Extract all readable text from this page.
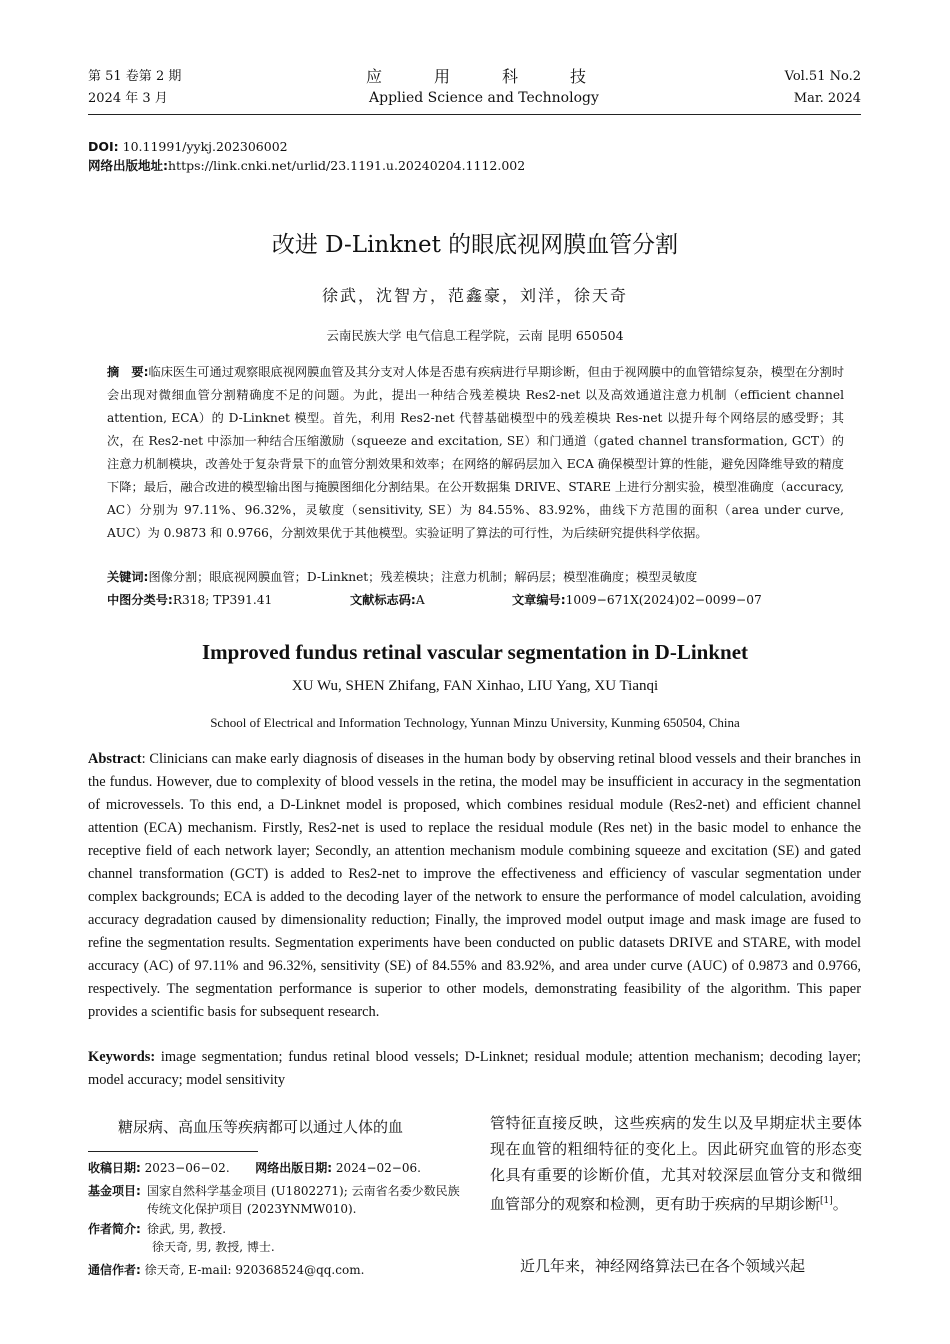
第 51 卷第 2 期
2024 年 3 月
应用科技
Applied Science and Technology
Vol.51 No.2
Mar. 2024
DOI: 10.11991/yykj.202306002
网络出版地址:https://link.cnki.net/urlid/23.1191.u.20240204.1112.002
改进 D-Linknet 的眼底视网膜血管分割
徐武，沈智方，范鑫豪，刘洋，徐天奇
云南民族大学 电气信息工程学院，云南 昆明 650504
摘　要:临床医生可通过观察眼底视网膜血管及其分支对人体是否患有疾病进行早期诊断，但由于视网膜中的血管错综复杂，模型在分割时会出现对微细血管分割精确度不足的问题。为此，提出一种结合残差模块 Res2-net 以及高效通道注意力机制（efficient channel attention, ECA）的 D-Linknet 模型。首先，利用 Res2-net 代替基础模型中的残差模块 Res-net 以提升每个网络层的感受野；其次，在 Res2-net 中添加一种结合压缩激励（squeeze and excitation, SE）和门通道（gated channel transformation, GCT）的注意力机制模块，改善处于复杂背景下的血管分割效果和效率；在网络的解码层加入 ECA 确保模型计算的性能，避免因降维导致的精度下降；最后，融合改进的模型输出图与掩膜图细化分割结果。在公开数据集 DRIVE、STARE 上进行分割实验，模型准确度（accuracy, AC）分别为 97.11%、96.32%，灵敏度（sensitivity, SE）为 84.55%、83.92%，曲线下方范围的面积（area under curve, AUC）为 0.9873 和 0.9766，分割效果优于其他模型。实验证明了算法的可行性，为后续研究提供科学依据。
关键词:图像分割；眼底视网膜血管；D-Linknet；残差模块；注意力机制；解码层；模型准确度；模型灵敏度
中图分类号:R318; TP391.41	文献标志码:A	文章编号:1009−671X(2024)02−0099−07
Improved fundus retinal vascular segmentation in D-Linknet
XU Wu, SHEN Zhifang, FAN Xinhao, LIU Yang, XU Tianqi
School of Electrical and Information Technology, Yunnan Minzu University, Kunming 650504, China
Abstract: Clinicians can make early diagnosis of diseases in the human body by observing retinal blood vessels and their branches in the fundus. However, due to complexity of blood vessels in the retina, the model may be insufficient in accuracy in the segmentation of microvessels. To this end, a D-Linknet model is proposed, which combines residual module (Res2-net) and efficient channel attention (ECA) mechanism. Firstly, Res2-net is used to replace the residual module (Res net) in the basic model to enhance the receptive field of each network layer; Secondly, an attention mechanism module combining squeeze and excitation (SE) and gated channel transformation (GCT) is added to Res2-net to improve the effectiveness and efficiency of vascular segmentation under complex backgrounds; ECA is added to the decoding layer of the network to ensure the performance of model calculation, avoiding accuracy degradation caused by dimensionality reduction; Finally, the improved model output image and mask image are fused to refine the segmentation results. Segmentation experiments have been conducted on public datasets DRIVE and STARE, with model accuracy (AC) of 97.11% and 96.32%, sensitivity (SE) of 84.55% and 83.92%, and area under curve (AUC) of 0.9873 and 0.9766, respectively. The segmentation performance is superior to other models, demonstrating feasibility of the algorithm. This paper provides a scientific basis for subsequent research.
Keywords: image segmentation; fundus retinal blood vessels; D-Linknet; residual module; attention mechanism; decoding layer; model accuracy; model sensitivity
糖尿病、高血压等疾病都可以通过人体的血
收稿日期: 2023−06−02. 网络出版日期: 2024−02−06.
基金项目: 国家自然科学基金项目 (U1802271); 云南省名委少数民族传统文化保护项目 (2023YNMW010).
作者简介: 徐武, 男, 教授.
徐天奇, 男, 教授, 博士.
通信作者: 徐天奇, E-mail: 920368524@qq.com.
管特征直接反映，这些疾病的发生以及早期症状主要体现在血管的粗细特征的变化上。因此研究血管的形态变化具有重要的诊断价值，尤其对较深层血管分支和微细血管部分的观察和检测，更有助于疾病的早期诊断[1]。
近几年来，神经网络算法已在各个领域兴起
